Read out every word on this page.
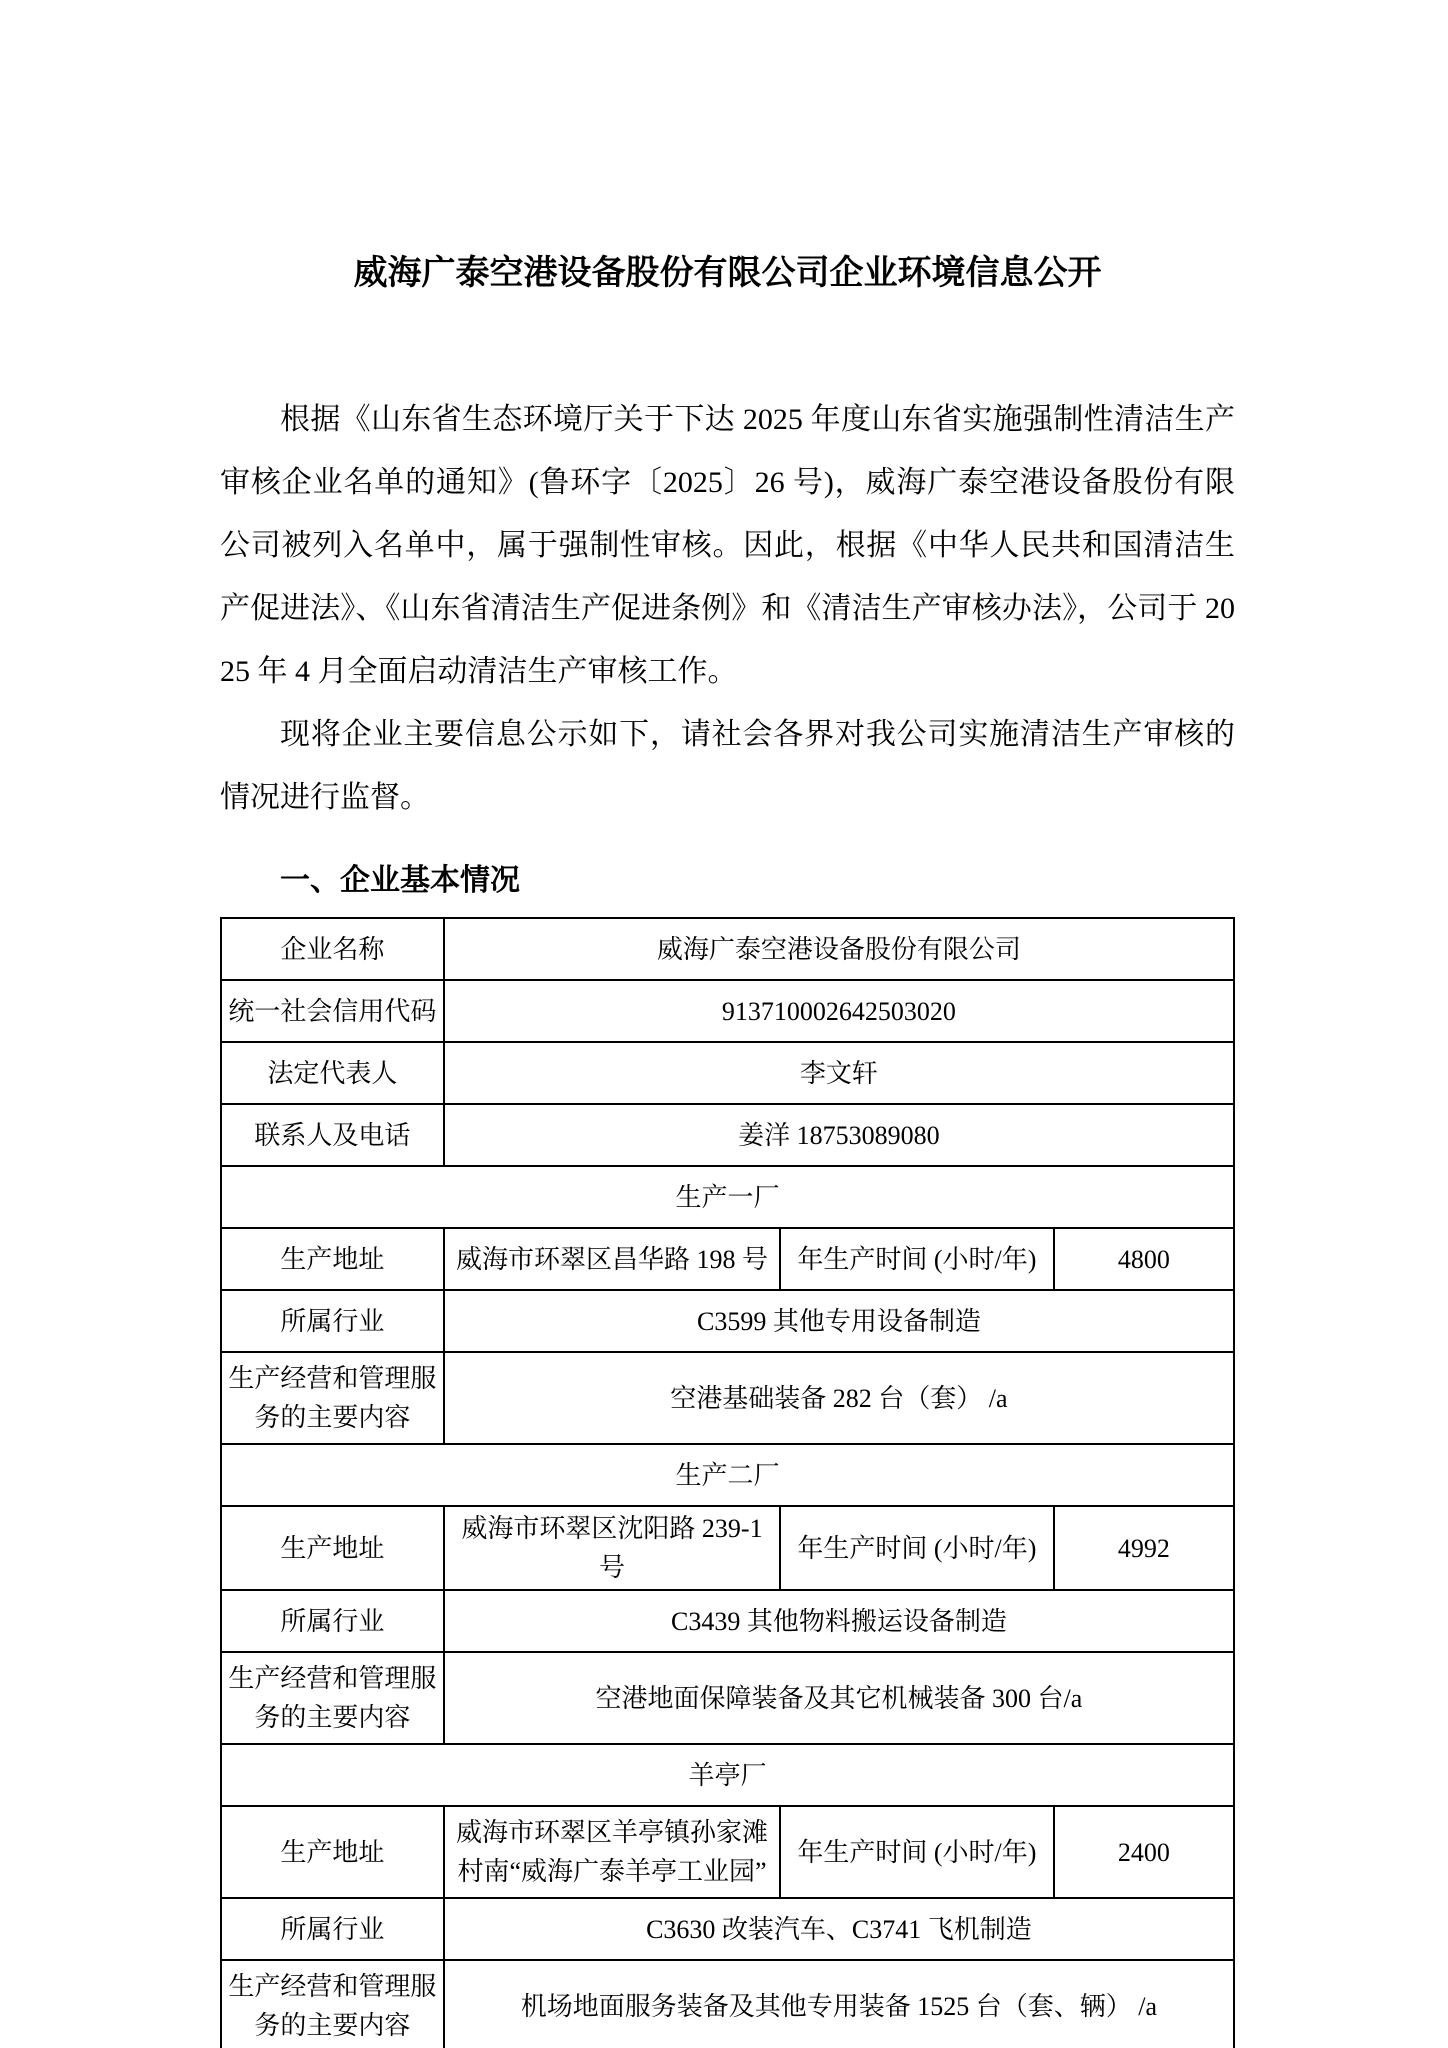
威海广泰空港设备股份有限公司企业环境信息公开

根据《山东省生态环境厅关于下达 2025 年度山东省实施强制性清洁生产审核企业名单的通知》(鲁环字〔2025〕26 号)，威海广泰空港设备股份有限公司被列入名单中，属于强制性审核。因此，根据《中华人民共和国清洁生产促进法》、《山东省清洁生产促进条例》和《清洁生产审核办法》，公司于 2025 年 4 月全面启动清洁生产审核工作。

现将企业主要信息公示如下，请社会各界对我公司实施清洁生产审核的情况进行监督。

一、企业基本情况
企业名称	威海广泰空港设备股份有限公司		
统一社会信用代码	913710002642503020		
法定代表人	李文轩		
联系人及电话	姜洋 18753089080		
生产一厂			
生产地址	威海市环翠区昌华路 198 号	年生产时间 (小时/年)	4800
所属行业	C3599 其他专用设备制造		
生产经营和管理服务的主要内容	空港基础装备 282 台（套） /a		
生产二厂			
生产地址	威海市环翠区沈阳路 239-1 号	年生产时间 (小时/年)	4992
所属行业	C3439 其他物料搬运设备制造		
生产经营和管理服务的主要内容	空港地面保障装备及其它机械装备 300 台/a		
羊亭厂			
生产地址	威海市环翠区羊亭镇孙家滩村南“威海广泰羊亭工业园”	年生产时间 (小时/年)	2400
所属行业	C3630 改装汽车、C3741 飞机制造		
生产经营和管理服务的主要内容	机场地面服务装备及其他专用装备 1525 台（套、辆） /a		
